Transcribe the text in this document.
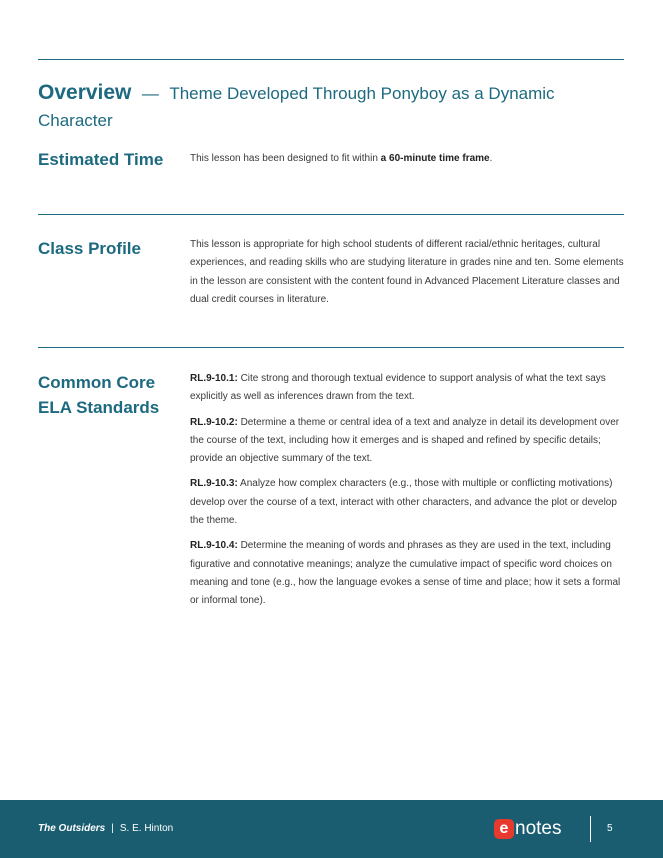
Overview — Theme Developed Through Ponyboy as a Dynamic Character
Estimated Time	This lesson has been designed to fit within a 60-minute time frame.
Class Profile	This lesson is appropriate for high school students of different racial/ethnic heritages, cultural experiences, and reading skills who are studying literature in grades nine and ten. Some elements in the lesson are consistent with the content found in Advanced Placement Literature classes and dual credit courses in literature.
Common Core
ELA Standards

RL.9-10.1: Cite strong and thorough textual evidence to support analysis of what the text says explicitly as well as inferences drawn from the text.

RL.9-10.2: Determine a theme or central idea of a text and analyze in detail its development over the course of the text, including how it emerges and is shaped and refined by specific details; provide an objective summary of the text.

RL.9-10.3: Analyze how complex characters (e.g., those with multiple or conflicting motivations) develop over the course of a text, interact with other characters, and advance the plot or develop the theme.

RL.9-10.4: Determine the meaning of words and phrases as they are used in the text, including figurative and connotative meanings; analyze the cumulative impact of specific word choices on meaning and tone (e.g., how the language evokes a sense of time and place; how it sets a formal or informal tone).

The Outsiders | S. E. Hinton	e notes	5
